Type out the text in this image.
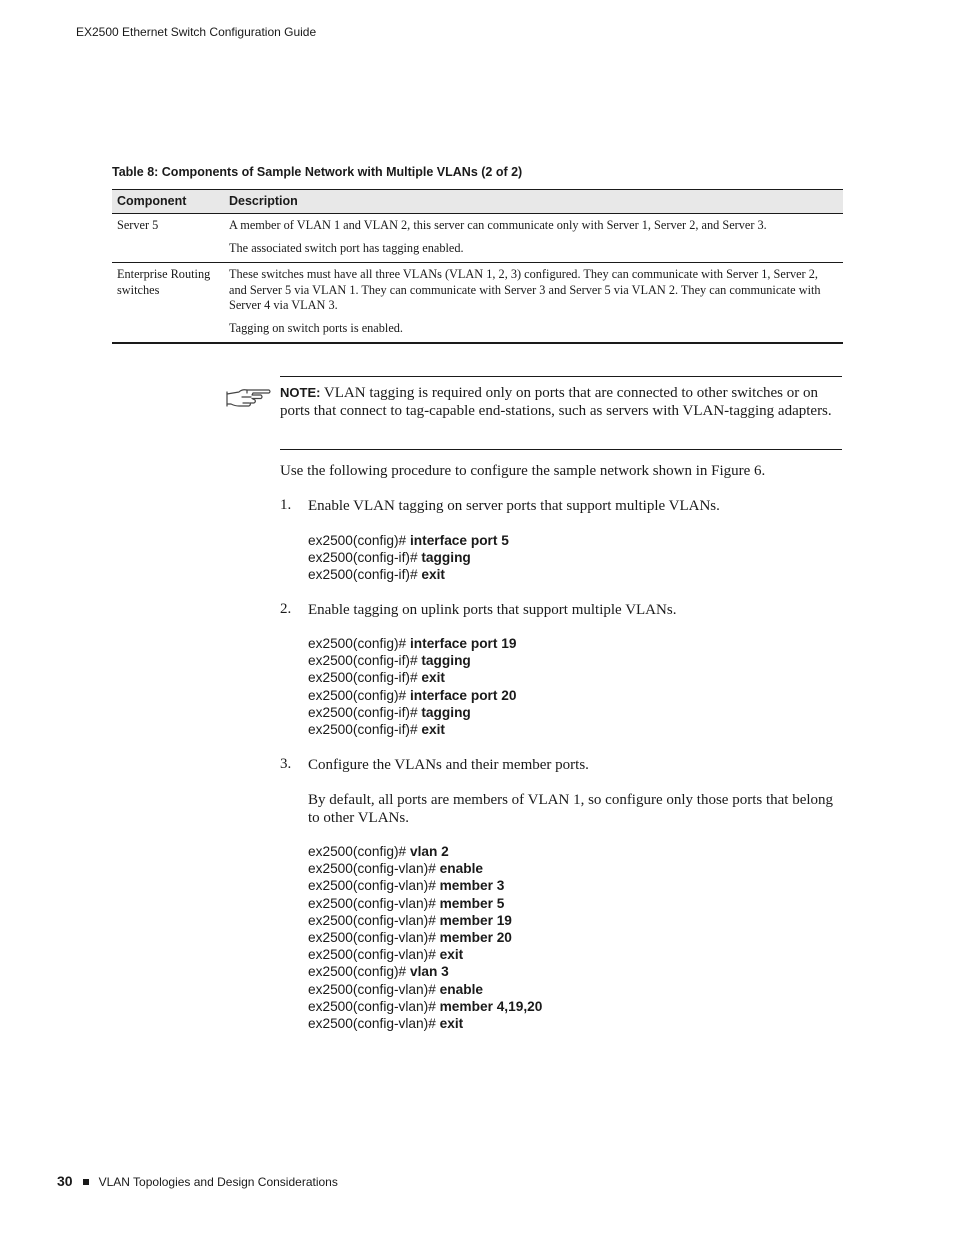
EX2500 Ethernet Switch Configuration Guide
Table 8: Components of Sample Network with Multiple VLANs (2 of 2)
Component	Description
Server 5	A member of VLAN 1 and VLAN 2, this server can communicate only with Server 1, Server 2, and Server 3.

The associated switch port has tagging enabled.

Enterprise Routing switches	These switches must have all three VLANs (VLAN 1, 2, 3) configured. They can communicate with Server 1, Server 2, and Server 5 via VLAN 1. They can communicate with Server 3 and Server 5 via VLAN 2. They can communicate with Server 4 via VLAN 3.

Tagging on switch ports is enabled.

NOTE: VLAN tagging is required only on ports that are connected to other switches or on ports that connect to tag-capable end-stations, such as servers with VLAN-tagging adapters.
Use the following procedure to configure the sample network shown in Figure 6.
1. Enable VLAN tagging on server ports that support multiple VLANs.
ex2500(config)# interface port 5
ex2500(config-if)# tagging
ex2500(config-if)# exit
2. Enable tagging on uplink ports that support multiple VLANs.
ex2500(config)# interface port 19
ex2500(config-if)# tagging
ex2500(config-if)# exit
ex2500(config)# interface port 20
ex2500(config-if)# tagging
ex2500(config-if)# exit
3. Configure the VLANs and their member ports.
By default, all ports are members of VLAN 1, so configure only those ports that belong to other VLANs.
ex2500(config)# vlan 2
ex2500(config-vlan)# enable
ex2500(config-vlan)# member 3
ex2500(config-vlan)# member 5
ex2500(config-vlan)# member 19
ex2500(config-vlan)# member 20
ex2500(config-vlan)# exit
ex2500(config)# vlan 3
ex2500(config-vlan)# enable
ex2500(config-vlan)# member 4,19,20
ex2500(config-vlan)# exit
30 VLAN Topologies and Design Considerations
